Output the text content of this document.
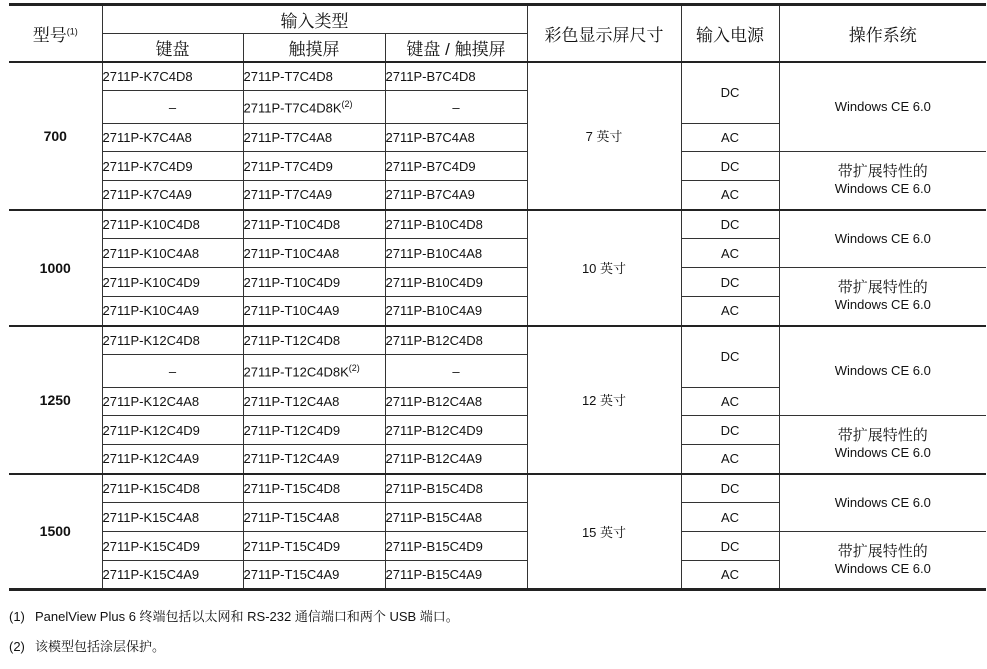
型号$^{(1)}$	输入类型			彩色显示屏尺寸	输入电源	操作系统
	键盘	触摸屏	键盘 / 触摸屏			
700	2711P-K7C4D8	2711P-T7C4D8	2711P-B7C4D8	7 英寸	DC	Windows CE 6.0
	–	$2711P-T7C4D8K^{(2)}$	–			
	2711P-K7C4A8	2711P-T7C4A8	2711P-B7C4A8		AC	
	2711P-K7C4D9	2711P-T7C4D9	2711P-B7C4D9		DC	带扩展特性的
Windows CE 6.0
	2711P-K7C4A9	2711P-T7C4A9	2711P-B7C4A9		AC	
1000	2711P-K10C4D8	2711P-T10C4D8	2711P-B10C4D8	10 英寸	DC	Windows CE 6.0
	2711P-K10C4A8	2711P-T10C4A8	2711P-B10C4A8		AC	
	2711P-K10C4D9	2711P-T10C4D9	2711P-B10C4D9		DC	带扩展特性的
Windows CE 6.0
	2711P-K10C4A9	2711P-T10C4A9	2711P-B10C4A9		AC	
1250	2711P-K12C4D8	2711P-T12C4D8	2711P-B12C4D8	12 英寸	DC	Windows CE 6.0
	–	$2711P-T12C4D8K^{(2)}$	–			
	2711P-K12C4A8	2711P-T12C4A8	2711P-B12C4A8		AC	
	2711P-K12C4D9	2711P-T12C4D9	2711P-B12C4D9		DC	带扩展特性的
Windows CE 6.0
	2711P-K12C4A9	2711P-T12C4A9	2711P-B12C4A9		AC	
1500	2711P-K15C4D8	2711P-T15C4D8	2711P-B15C4D8	15 英寸	DC	Windows CE 6.0
	2711P-K15C4A8	2711P-T15C4A8	2711P-B15C4A8		AC	
	2711P-K15C4D9	2711P-T15C4D9	2711P-B15C4D9		DC	带扩展特性的
Windows CE 6.0
	2711P-K15C4A9	2711P-T15C4A9	2711P-B15C4A9		AC	
(1) PanelView Plus 6 终端包括以太网和 RS-232 通信端口和两个 USB 端口。
(2) 该模型包括涂层保护。
